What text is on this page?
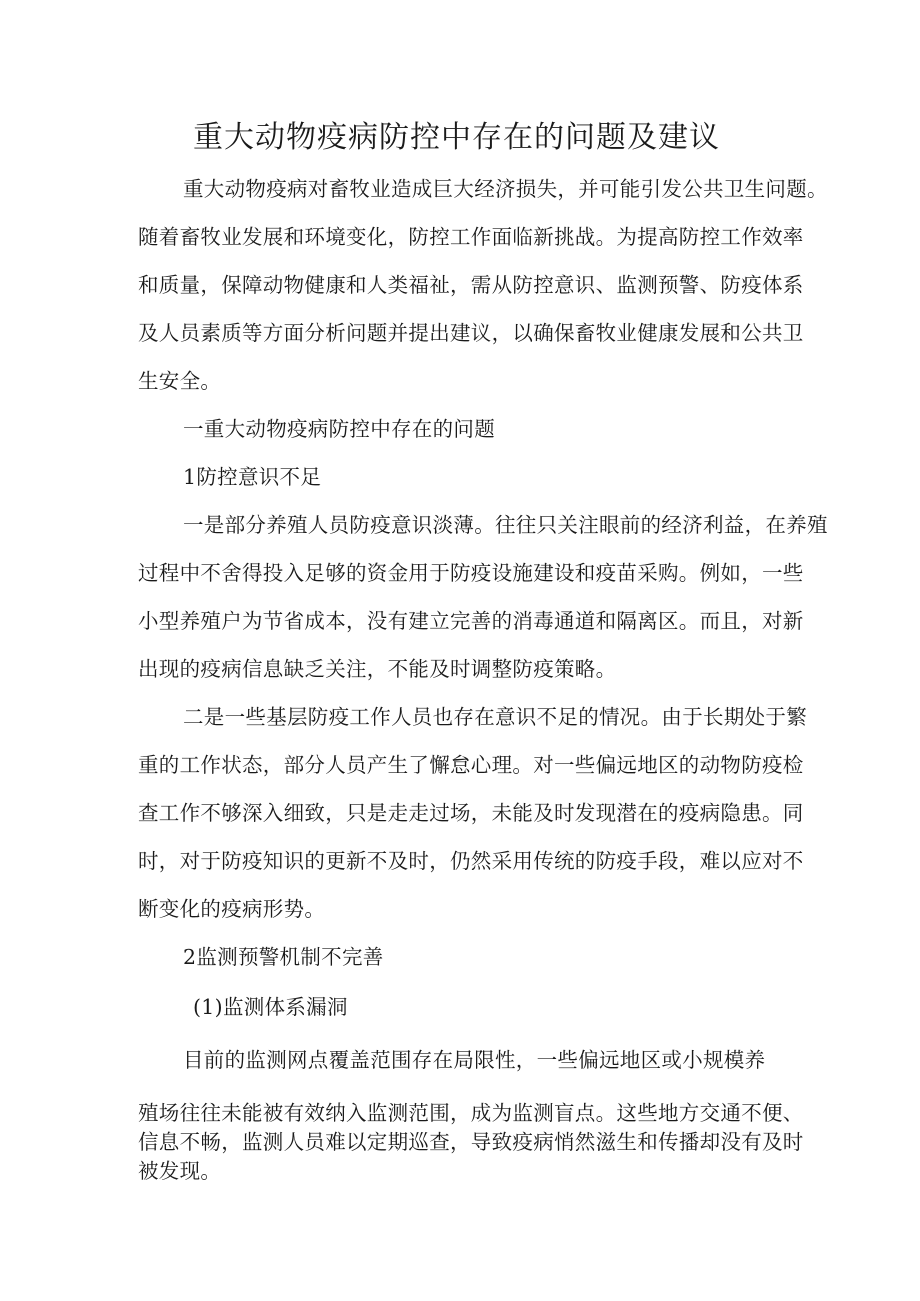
重大动物疫病防控中存在的问题及建议
重大动物疫病对畜牧业造成巨大经济损失，并可能引发公共卫生问题。
随着畜牧业发展和环境变化，防控工作面临新挑战。为提高防控工作效率
和质量，保障动物健康和人类福祉，需从防控意识、监测预警、防疫体系
及人员素质等方面分析问题并提出建议，以确保畜牧业健康发展和公共卫
生安全。
一重大动物疫病防控中存在的问题
1防控意识不足
一是部分养殖人员防疫意识淡薄。往往只关注眼前的经济利益，在养殖
过程中不舍得投入足够的资金用于防疫设施建设和疫苗采购。例如，一些
小型养殖户为节省成本，没有建立完善的消毒通道和隔离区。而且，对新
出现的疫病信息缺乏关注，不能及时调整防疫策略。
二是一些基层防疫工作人员也存在意识不足的情况。由于长期处于繁
重的工作状态，部分人员产生了懈怠心理。对一些偏远地区的动物防疫检
查工作不够深入细致，只是走走过场，未能及时发现潜在的疫病隐患。同
时，对于防疫知识的更新不及时，仍然采用传统的防疫手段，难以应对不
断变化的疫病形势。
2监测预警机制不完善
(1)监测体系漏洞
目前的监测网点覆盖范围存在局限性，一些偏远地区或小规模养
殖场往往未能被有效纳入监测范围，成为监测盲点。这些地方交通不便、
信息不畅，监测人员难以定期巡查，导致疫病悄然滋生和传播却没有及时
被发现。
